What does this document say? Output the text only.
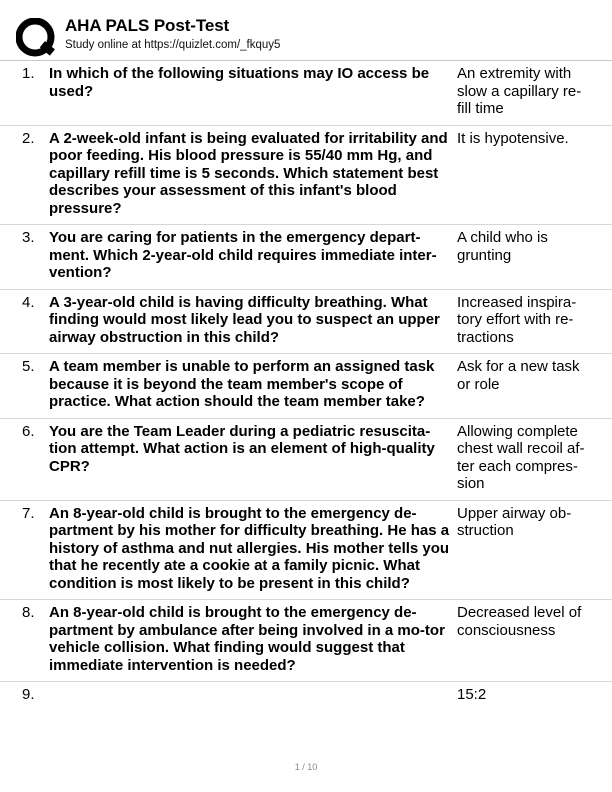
AHA PALS Post-Test
Study online at https://quizlet.com/_fkquy5
1. In which of the following situations may IO access be used?
An extremity with slow a capillary re-fill time
2. A 2-week-old infant is being evaluated for irritability and poor feeding. His blood pressure is 55/40 mm Hg, and capillary refill time is 5 seconds. Which statement best describes your assessment of this infant's blood pressure?
It is hypotensive.
3. You are caring for patients in the emergency depart-ment. Which 2-year-old child requires immediate inter-vention?
A child who is grunting
4. A 3-year-old child is having difficulty breathing. What finding would most likely lead you to suspect an upper airway obstruction in this child?
Increased inspira-tory effort with re-tractions
5. A team member is unable to perform an assigned task because it is beyond the team member's scope of practice. What action should the team member take?
Ask for a new task or role
6. You are the Team Leader during a pediatric resuscita-tion attempt. What action is an element of high-quality CPR?
Allowing complete chest wall recoil af-ter each compres-sion
7. An 8-year-old child is brought to the emergency de-partment by his mother for difficulty breathing. He has a history of asthma and nut allergies. His mother tells you that he recently ate a cookie at a family picnic. What condition is most likely to be present in this child?
Upper airway ob-struction
8. An 8-year-old child is brought to the emergency de-partment by ambulance after being involved in a mo-tor vehicle collision. What finding would suggest that immediate intervention is needed?
Decreased level of consciousness
9.	15:2
1 / 10
